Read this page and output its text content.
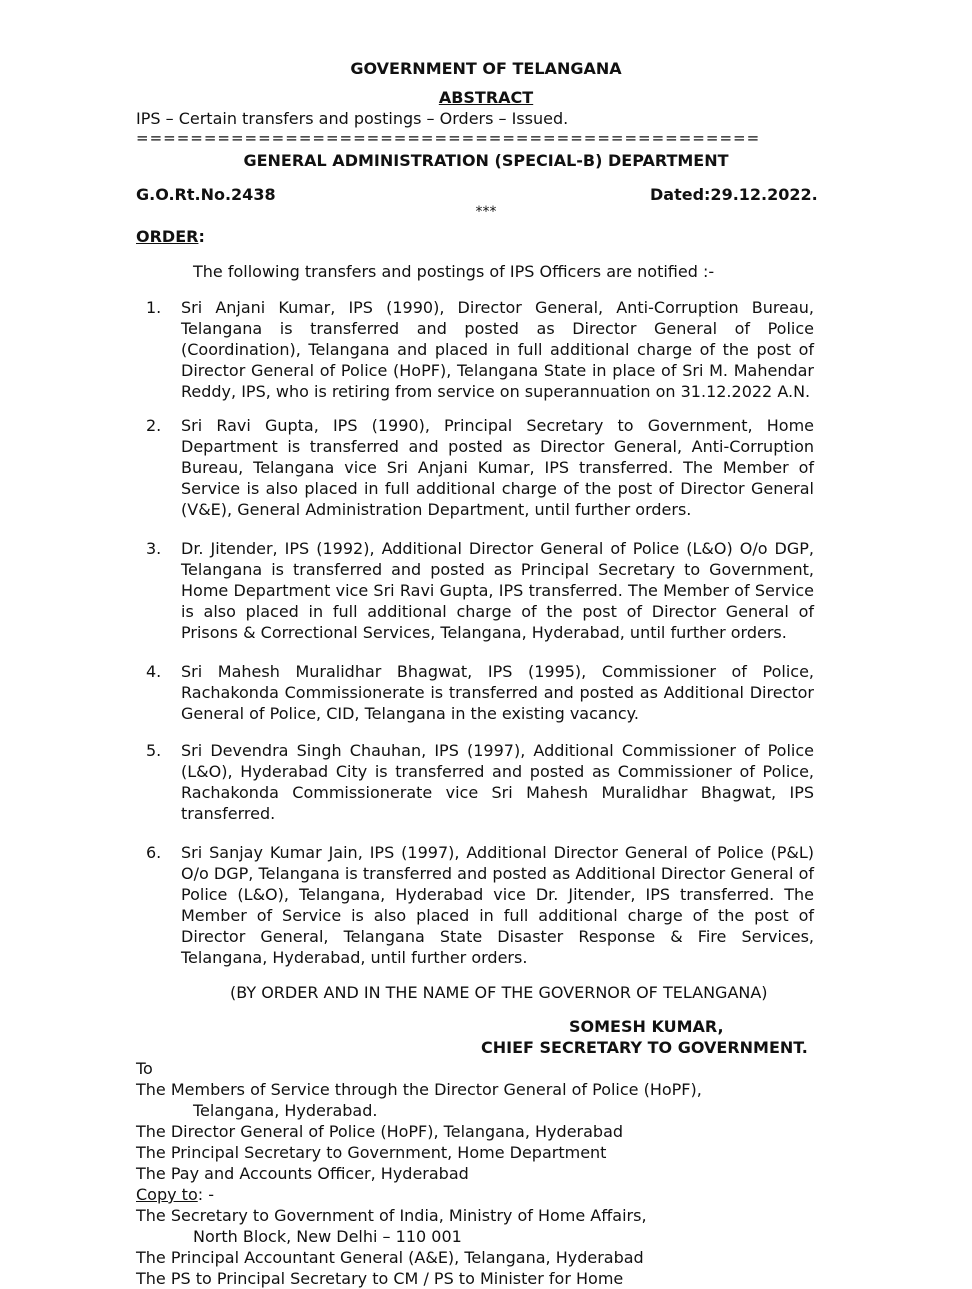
GOVERNMENT OF TELANGANA
ABSTRACT
IPS – Certain transfers and postings – Orders – Issued.
==============================================
GENERAL ADMINISTRATION (SPECIAL-B) DEPARTMENT
G.O.Rt.No.2438	Dated:29.12.2022.
***
ORDER:
The following transfers and postings of IPS Officers are notified :-
1. Sri Anjani Kumar, IPS (1990), Director General, Anti-Corruption Bureau, Telangana is transferred and posted as Director General of Police (Coordination), Telangana and placed in full additional charge of the post of Director General of Police (HoPF), Telangana State in place of Sri M. Mahendar Reddy, IPS, who is retiring from service on superannuation on 31.12.2022 A.N.
2. Sri Ravi Gupta, IPS (1990), Principal Secretary to Government, Home Department is transferred and posted as Director General, Anti-Corruption Bureau, Telangana vice Sri Anjani Kumar, IPS transferred. The Member of Service is also placed in full additional charge of the post of Director General (V&E), General Administration Department, until further orders.
3. Dr. Jitender, IPS (1992), Additional Director General of Police (L&O) O/o DGP, Telangana is transferred and posted as Principal Secretary to Government, Home Department vice Sri Ravi Gupta, IPS transferred. The Member of Service is also placed in full additional charge of the post of Director General of Prisons & Correctional Services, Telangana, Hyderabad, until further orders.
4. Sri Mahesh Muralidhar Bhagwat, IPS (1995), Commissioner of Police, Rachakonda Commissionerate is transferred and posted as Additional Director General of Police, CID, Telangana in the existing vacancy.
5. Sri Devendra Singh Chauhan, IPS (1997), Additional Commissioner of Police (L&O), Hyderabad City is transferred and posted as Commissioner of Police, Rachakonda Commissionerate vice Sri Mahesh Muralidhar Bhagwat, IPS transferred.
6. Sri Sanjay Kumar Jain, IPS (1997), Additional Director General of Police (P&L) O/o DGP, Telangana is transferred and posted as Additional Director General of Police (L&O), Telangana, Hyderabad vice Dr. Jitender, IPS transferred. The Member of Service is also placed in full additional charge of the post of Director General, Telangana State Disaster Response & Fire Services, Telangana, Hyderabad, until further orders.
(BY ORDER AND IN THE NAME OF THE GOVERNOR OF TELANGANA)
SOMESH KUMAR,
CHIEF SECRETARY TO GOVERNMENT.
To
The Members of Service through the Director General of Police (HoPF),
Telangana, Hyderabad.
The Director General of Police (HoPF), Telangana, Hyderabad
The Principal Secretary to Government, Home Department
The Pay and Accounts Officer, Hyderabad
Copy to: -
The Secretary to Government of India, Ministry of Home Affairs,
North Block, New Delhi – 110 001
The Principal Accountant General (A&E), Telangana, Hyderabad
The PS to Principal Secretary to CM / PS to Minister for Home
